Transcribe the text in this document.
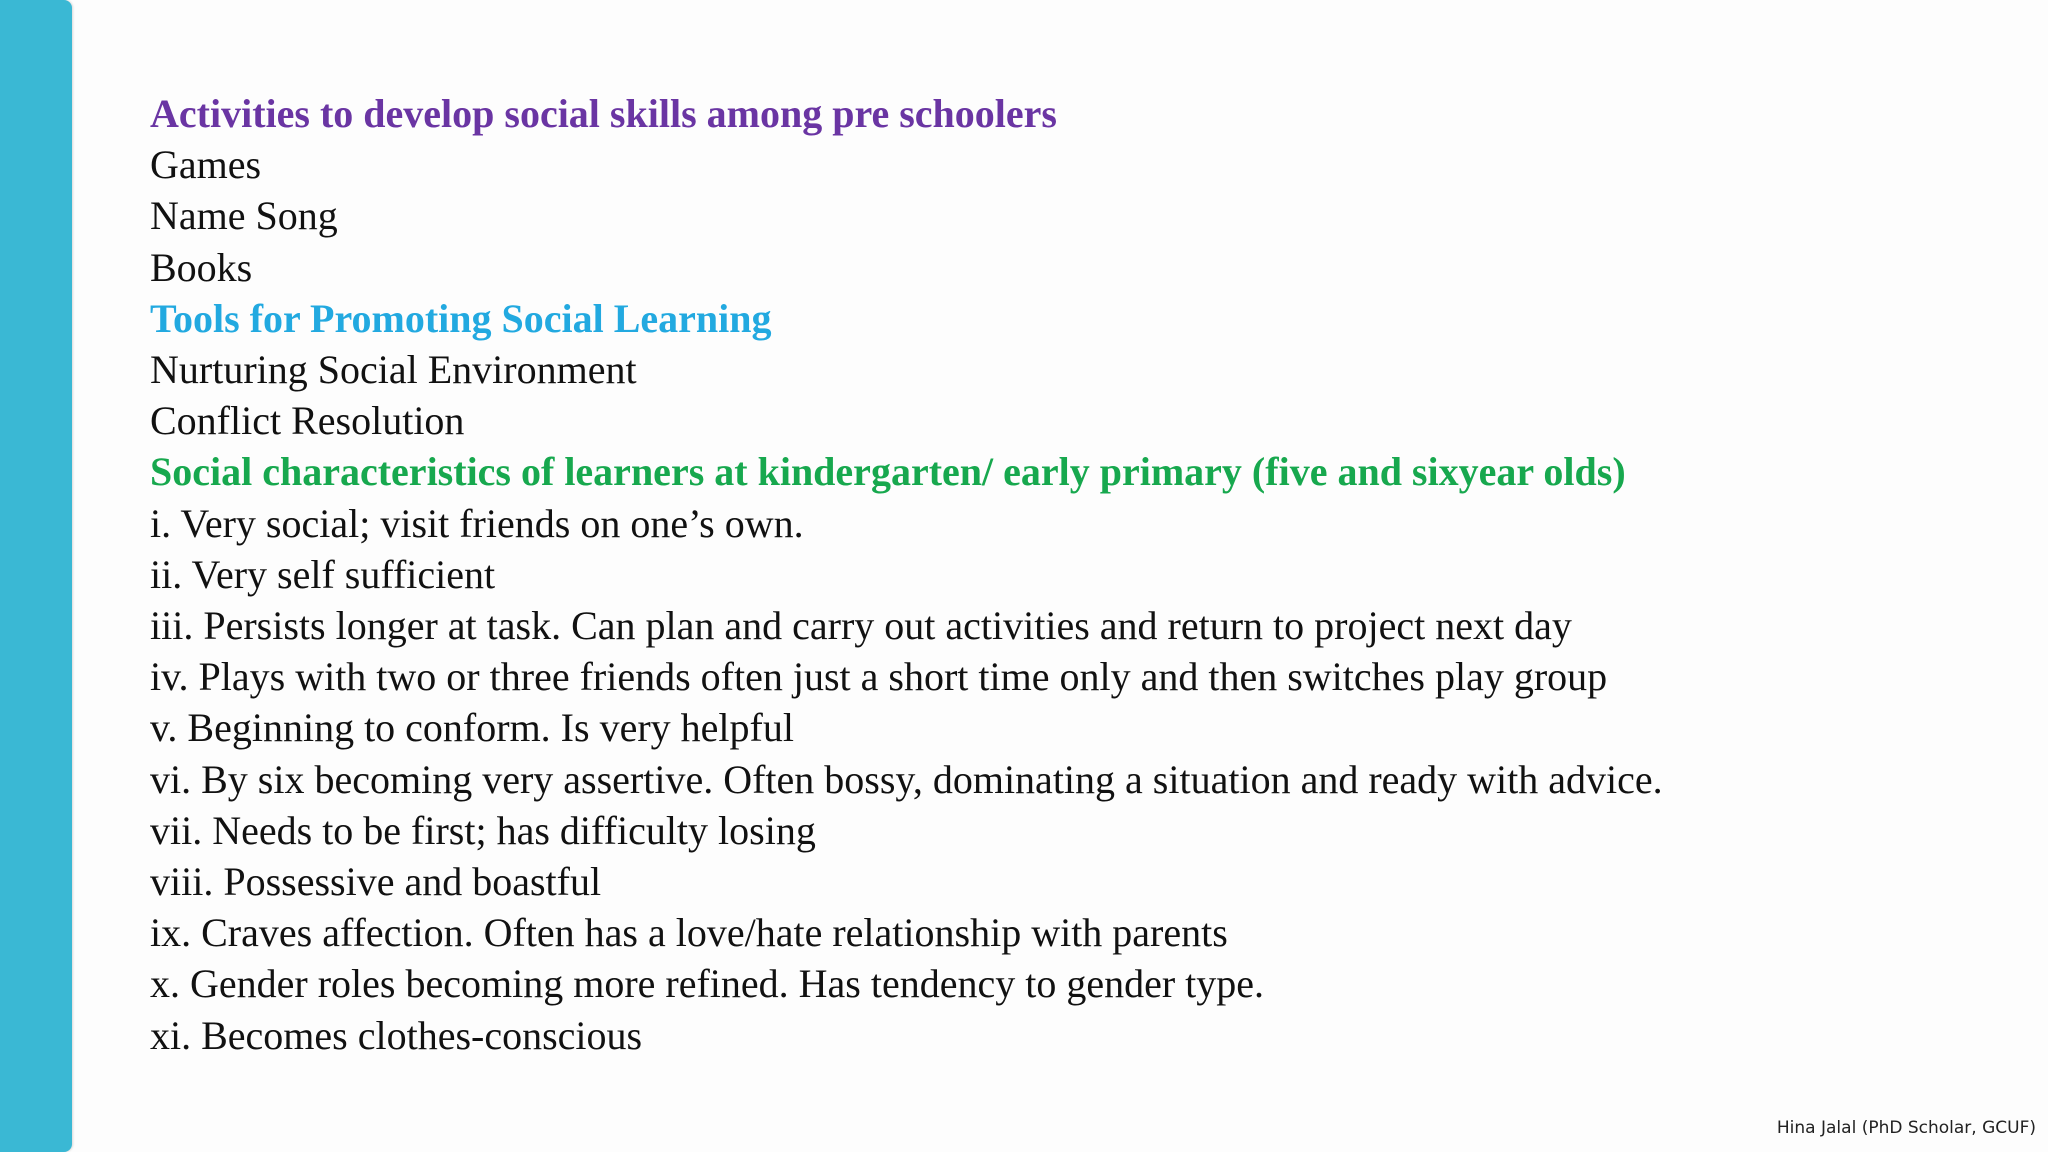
Activities to develop social skills among pre schoolers

Games

Name Song

Books

Tools for Promoting Social Learning

Nurturing Social Environment

Conflict Resolution

Social characteristics of learners at kindergarten/ early primary (five and sixyear olds)

i. Very social; visit friends on one’s own.

ii. Very self sufficient

iii. Persists longer at task. Can plan and carry out activities and return to project next day

iv. Plays with two or three friends often just a short time only and then switches play group

v. Beginning to conform. Is very helpful

vi. By six becoming very assertive. Often bossy, dominating a situation and ready with advice.

vii. Needs to be first; has difficulty losing

viii. Possessive and boastful

ix. Craves affection. Often has a love/hate relationship with parents

x. Gender roles becoming more refined. Has tendency to gender type.

xi. Becomes clothes-conscious

Hina Jalal (PhD Scholar, GCUF)
